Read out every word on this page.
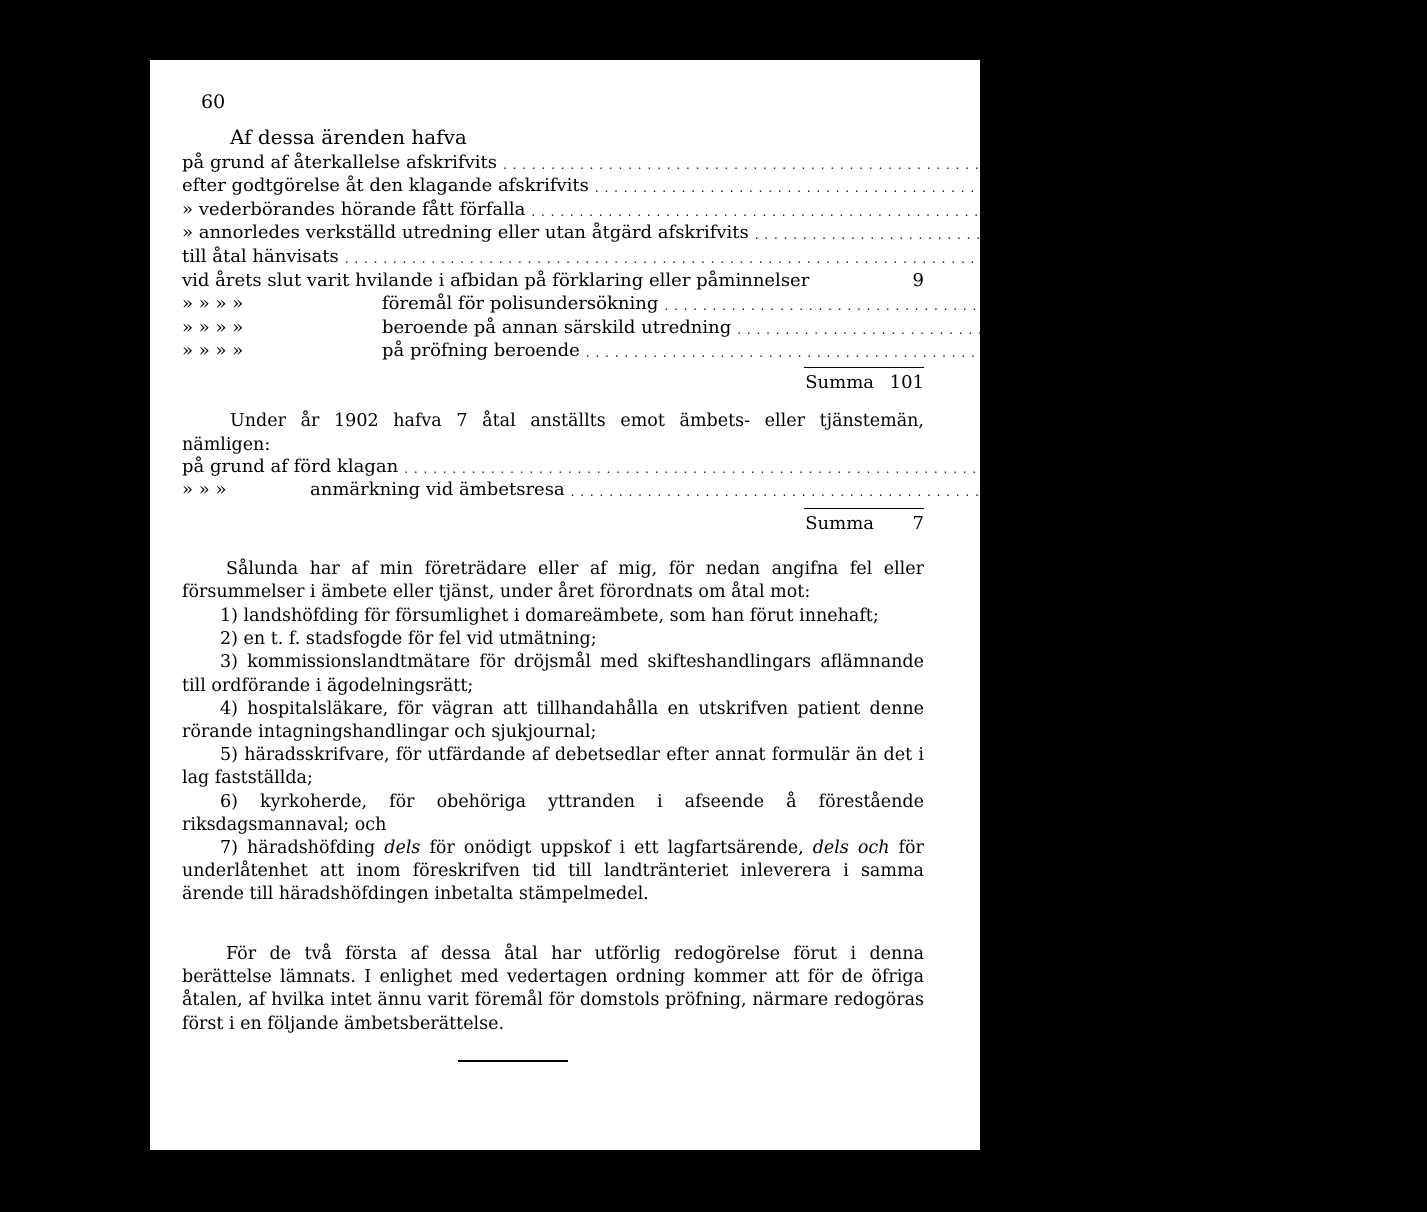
60
Af dessa ärenden hafva
på grund af återkallelse afskrifvits . . . . . . . . . . . . . . . . . . . . . . . . . . . . . . . . . . . . . . . . . . . . . . . . . . . . . . . . . . . . . . . . . . .	1
efter godtgörelse åt den klagande afskrifvits . . . . . . . . . . . . . . . . . . . . . . . . . . . . . . . . . . . . . . . . . . . . . . . . . . . . . . . . . . . . . . . . . . .	1
» vederbörandes hörande fått förfalla . . . . . . . . . . . . . . . . . . . . . . . . . . . . . . . . . . . . . . . . . . . . . . . . . . . . . . . . . . . . . . . . . . . 17
» annorledes verkställd utredning eller utan åtgärd afskrifvits . . . . . . . . . . . . . . . . . . . . . . . . . . . . . . . . . . . . . . . . . . . . . . . . . . . . . . . . . . . . . . . . . . . 59
till åtal hänvisats . . . . . . . . . . . . . . . . . . . . . . . . . . . . . . . . . . . . . . . . . . . . . . . . . . . . . . . . . . . . . . . . . . .	6
vid årets slut varit hvilande i afbidan på förklaring eller påminnelser	9
» » » »	föremål för polisundersökning . . . . . . . . . . . . . . . . . . . . . . . . . . . . . . . . . . . . . . . . . . . . . . . . . . . . . . . . . . . . . . . . . . .	1
» » » »	beroende på annan särskild utredning . . . . . . . . . . . . . . . . . . . . . . . . . . . . . . . . . . . . . . . . . . . . . . . . . . . . . . . . . . . . . . . . . . .	2
» » » »	på pröfning beroende . . . . . . . . . . . . . . . . . . . . . . . . . . . . . . . . . . . . . . . . . . . . . . . . . . . . . . . . . . . . . . . . . . .	5
Summa 101
Under år 1902 hafva 7 åtal anställts emot ämbets- eller tjänstemän,
nämligen:
på grund af förd klagan . . . . . . . . . . . . . . . . . . . . . . . . . . . . . . . . . . . . . . . . . . . . . . . . . . . . . . . . . . . . . . . . . . .	6
» » »	anmärkning vid ämbetsresa . . . . . . . . . . . . . . . . . . . . . . . . . . . . . . . . . . . . . . . . . . . . . . . . . . . . . . . . . . . . . . . . . . .	1
Summa	7
Sålunda har af min företrädare eller af mig, för nedan angifna fel eller försummelser i ämbete eller tjänst, under året förordnats om åtal mot:
1) landshöfding för försumlighet i domareämbete, som han förut innehaft;
2) en t. f. stadsfogde för fel vid utmätning;
3) kommissionslandtmätare för dröjsmål med skifteshandlingars aflämnande till ordförande i ägodelningsrätt;
4) hospitalsläkare, för vägran att tillhandahålla en utskrifven patient denne rörande intagningshandlingar och sjukjournal;
5) häradsskrifvare, för utfärdande af debetsedlar efter annat formulär än det i lag fastställda;
6) kyrkoherde, för obehöriga yttranden i afseende å förestående riksdagsmannaval; och
7) häradshöfding dels för onödigt uppskof i ett lagfartsärende, dels och för underlåtenhet att inom föreskrifven tid till landtränteriet inleverera i samma ärende till häradshöfdingen inbetalta stämpelmedel.
För de två första af dessa åtal har utförlig redogörelse förut i denna berättelse lämnats. I enlighet med vedertagen ordning kommer att för de öfriga åtalen, af hvilka intet ännu varit föremål för domstols pröfning, närmare redogöras först i en följande ämbetsberättelse.
